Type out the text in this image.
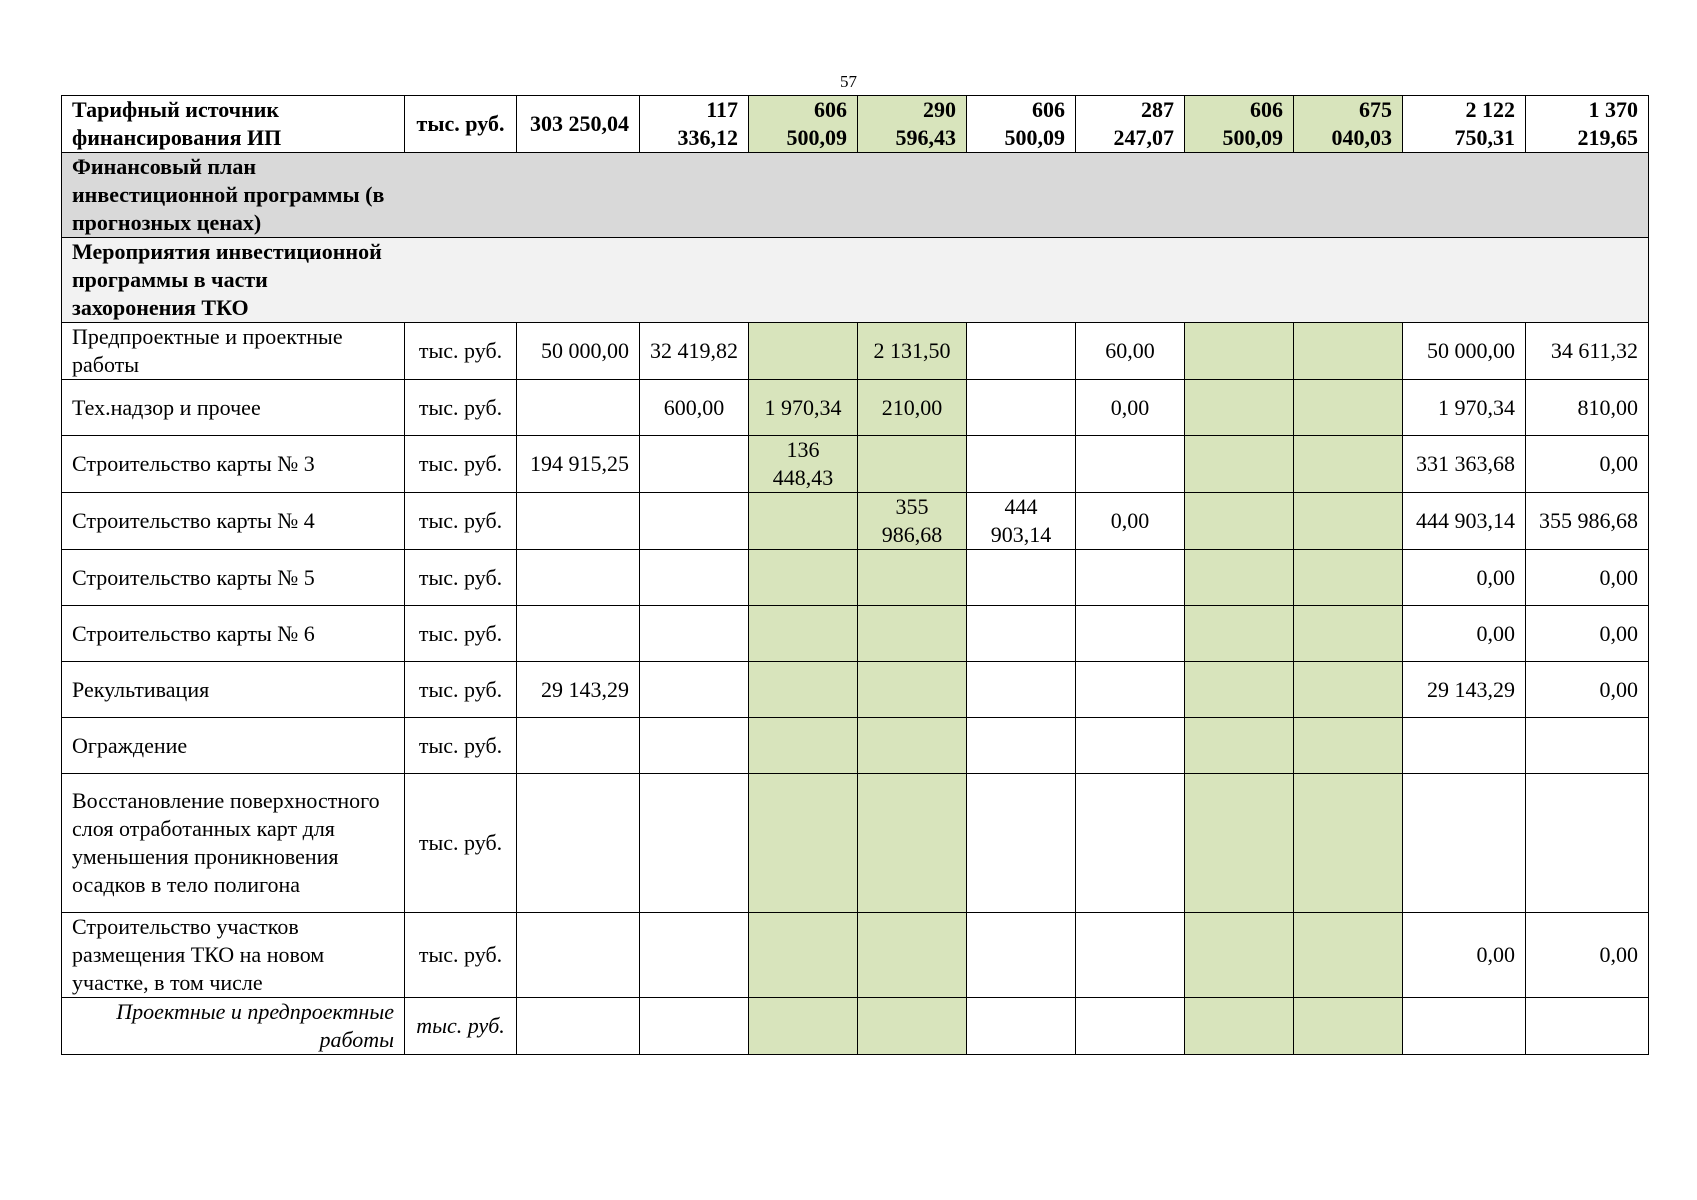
57
Тарифный источник финансирования ИП	тыс. руб.	303 250,04	117 336,12	606 500,09	290 596,43	606 500,09	287 247,07	606 500,09	675 040,03	2 122 750,31	1 370 219,65
Финансовый план инвестиционной программы (в прогнозных ценах)											
Мероприятия инвестиционной программы в части захоронения ТКО											
Предпроектные и проектные работы	тыс. руб.	50 000,00	32 419,82		2 131,50		60,00			50 000,00	34 611,32
Тех.надзор и прочее	тыс. руб.		600,00	1 970,34	210,00		0,00			1 970,34	810,00
Строительство карты № 3	тыс. руб.	194 915,25		136 448,43						331 363,68	0,00
Строительство карты № 4	тыс. руб.				355 986,68	444 903,14	0,00			444 903,14	355 986,68
Строительство карты № 5	тыс. руб.									0,00	0,00
Строительство карты № 6	тыс. руб.									0,00	0,00
Рекультивация	тыс. руб.	29 143,29								29 143,29	0,00
Ограждение	тыс. руб.										
Восстановление поверхностного слоя отработанных карт для уменьшения проникновения осадков в тело полигона	тыс. руб.										
Строительство участков размещения ТКО на новом участке, в том числе	тыс. руб.									0,00	0,00
Проектные и предпроектные работы	тыс. руб.										
